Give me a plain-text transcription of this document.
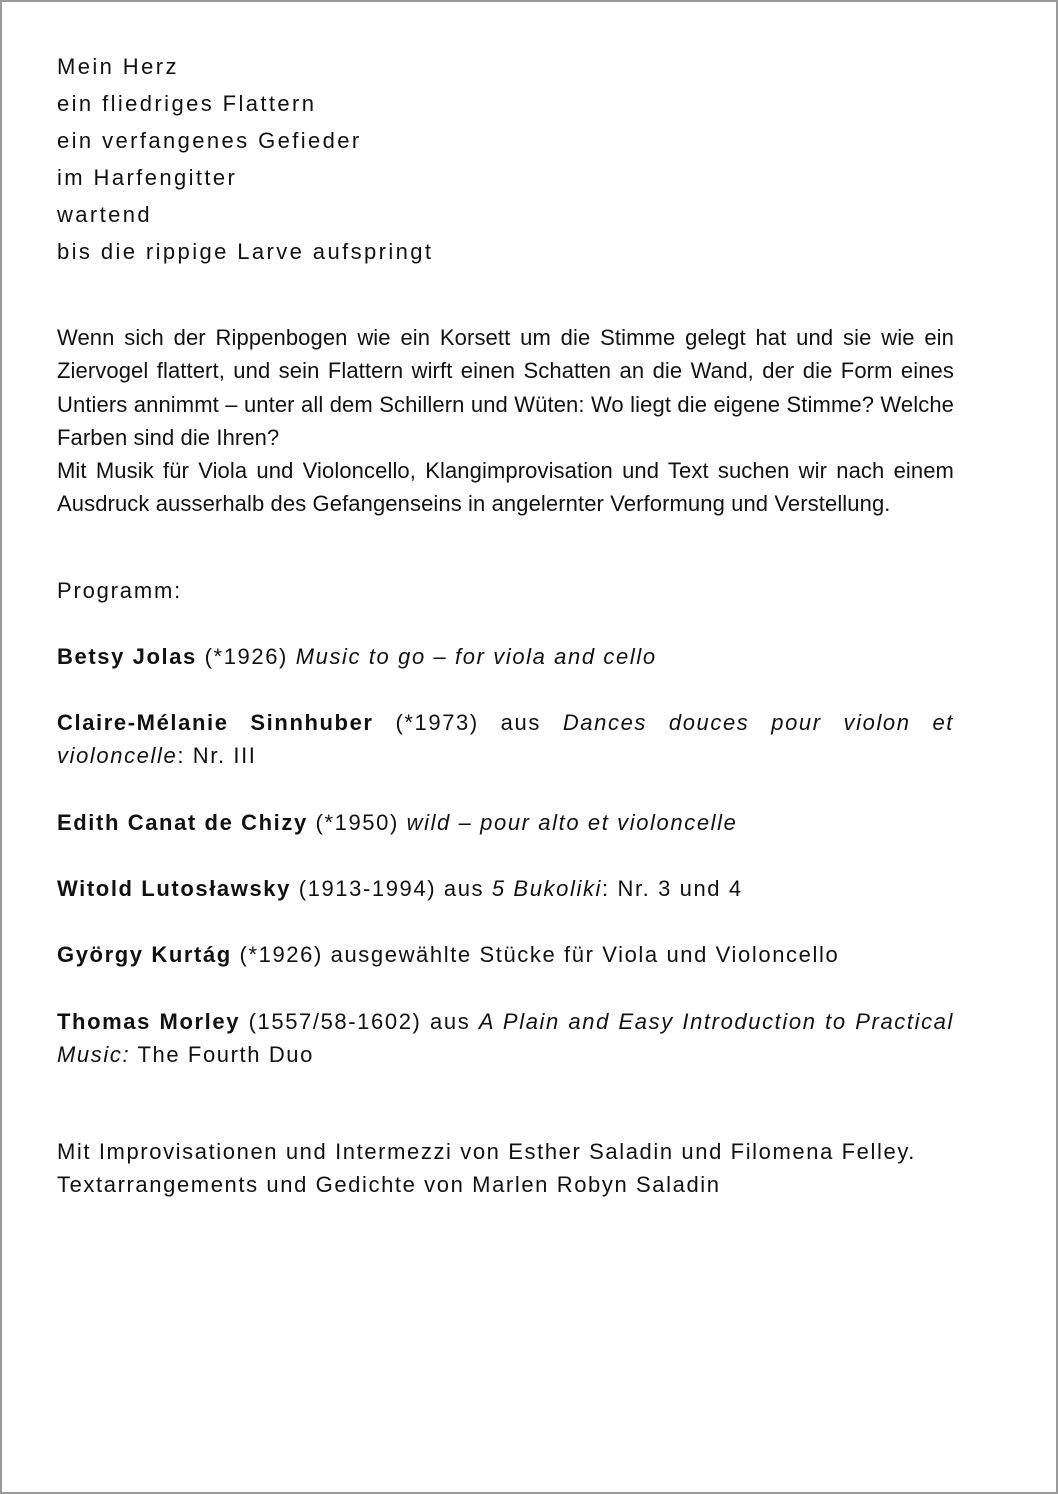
Mein Herz
ein fliedriges Flattern
ein verfangenes Gefieder
im Harfengitter
wartend
bis die rippige Larve aufspringt

Wenn sich der Rippenbogen wie ein Korsett um die Stimme gelegt hat und sie wie ein Ziervogel flattert, und sein Flattern wirft einen Schatten an die Wand, der die Form eines Untiers annimmt – unter all dem Schillern und Wüten: Wo liegt die eigene Stimme? Welche Farben sind die Ihren?

Mit Musik für Viola und Violoncello, Klangimprovisation und Text suchen wir nach einem Ausdruck ausserhalb des Gefangenseins in angelernter Verformung und Verstellung.

Programm:
Betsy Jolas (*1926) Music to go – for viola and cello
Claire-Mélanie Sinnhuber (*1973) aus Dances douces pour violon et violoncelle: Nr. III
Edith Canat de Chizy (*1950) wild – pour alto et violoncelle
Witold Lutosławsky (1913-1994) aus 5 Bukoliki: Nr. 3 und 4
György Kurtág (*1926) ausgewählte Stücke für Viola und Violoncello
Thomas Morley (1557/58-1602) aus A Plain and Easy Introduction to Practical Music: The Fourth Duo

Mit Improvisationen und Intermezzi von Esther Saladin und Filomena Felley.

Textarrangements und Gedichte von Marlen Robyn Saladin
